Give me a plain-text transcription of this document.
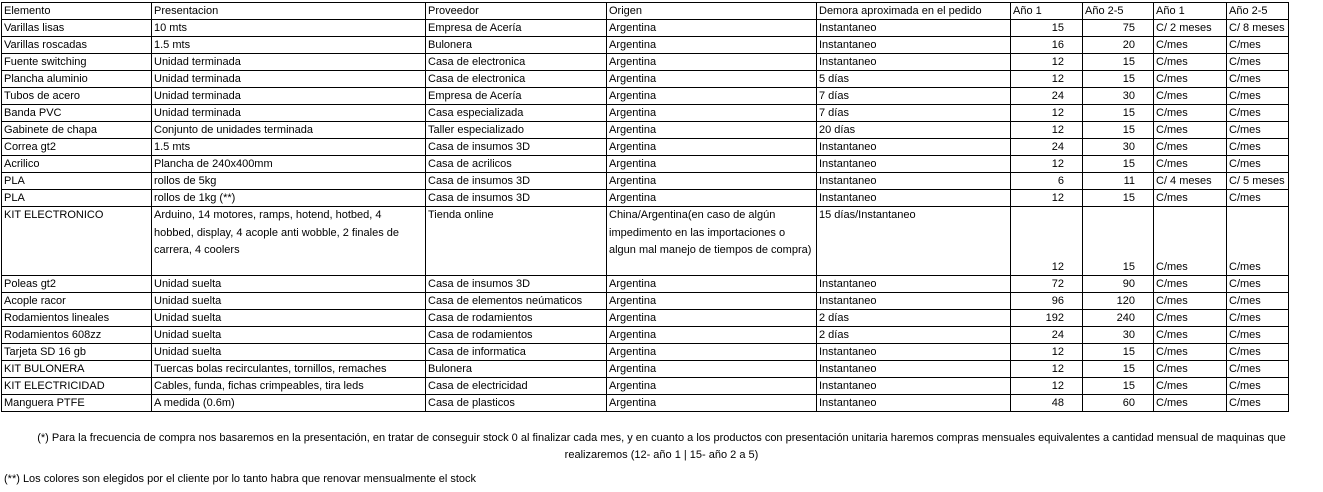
Elemento	Presentacion	Proveedor	Origen	Demora aproximada en el pedido	Año 1	Año 2-5	Año 1	Año 2-5
Varillas lisas	10 mts	Empresa de Acería	Argentina	Instantaneo	15	75	C/ 2 meses	C/ 8 meses
Varillas roscadas	1.5 mts	Bulonera	Argentina	Instantaneo	16	20	C/mes	C/mes
Fuente switching	Unidad terminada	Casa de electronica	Argentina	Instantaneo	12	15	C/mes	C/mes
Plancha aluminio	Unidad terminada	Casa de electronica	Argentina	5 días	12	15	C/mes	C/mes
Tubos de acero	Unidad terminada	Empresa de Acería	Argentina	7 días	24	30	C/mes	C/mes
Banda PVC	Unidad terminada	Casa especializada	Argentina	7 días	12	15	C/mes	C/mes
Gabinete de chapa	Conjunto de unidades terminada	Taller especializado	Argentina	20 días	12	15	C/mes	C/mes
Correa gt2	1.5 mts	Casa de insumos 3D	Argentina	Instantaneo	24	30	C/mes	C/mes
Acrilico	Plancha de 240x400mm	Casa de acrilicos	Argentina	Instantaneo	12	15	C/mes	C/mes
PLA	rollos de 5kg	Casa de insumos 3D	Argentina	Instantaneo	6	11	C/ 4 meses	C/ 5 meses
PLA	rollos de 1kg (**)	Casa de insumos 3D	Argentina	Instantaneo	12	15	C/mes	C/mes
KIT ELECTRONICO	Arduino, 14 motores, ramps, hotend, hotbed, 4 hobbed, display, 4 acople anti wobble, 2 finales de carrera, 4 coolers	Tienda online	China/Argentina(en caso de algún impedimento en las importaciones o algun mal manejo de tiempos de compra)	15 días/Instantaneo	12	15	C/mes	C/mes
Poleas gt2	Unidad suelta	Casa de insumos 3D	Argentina	Instantaneo	72	90	C/mes	C/mes
Acople racor	Unidad suelta	Casa de elementos neúmaticos	Argentina	Instantaneo	96	120	C/mes	C/mes
Rodamientos lineales	Unidad suelta	Casa de rodamientos	Argentina	2 días	192	240	C/mes	C/mes
Rodamientos 608zz	Unidad suelta	Casa de rodamientos	Argentina	2 días	24	30	C/mes	C/mes
Tarjeta SD 16 gb	Unidad suelta	Casa de informatica	Argentina	Instantaneo	12	15	C/mes	C/mes
KIT BULONERA	Tuercas bolas recirculantes, tornillos, remaches	Bulonera	Argentina	Instantaneo	12	15	C/mes	C/mes
KIT ELECTRICIDAD	Cables, funda, fichas crimpeables, tira leds	Casa de electricidad	Argentina	Instantaneo	12	15	C/mes	C/mes
Manguera PTFE	A medida (0.6m)	Casa de plasticos	Argentina	Instantaneo	48	60	C/mes	C/mes
(*) Para la frecuencia de compra nos basaremos en la presentación, en tratar de conseguir stock 0 al finalizar cada mes, y en cuanto a los productos con presentación unitaria haremos compras mensuales equivalentes a cantidad mensual de maquinas que realizaremos (12- año 1 | 15- año 2 a 5)
(**) Los colores son elegidos por el cliente por lo tanto habra que renovar mensualmente el stock
